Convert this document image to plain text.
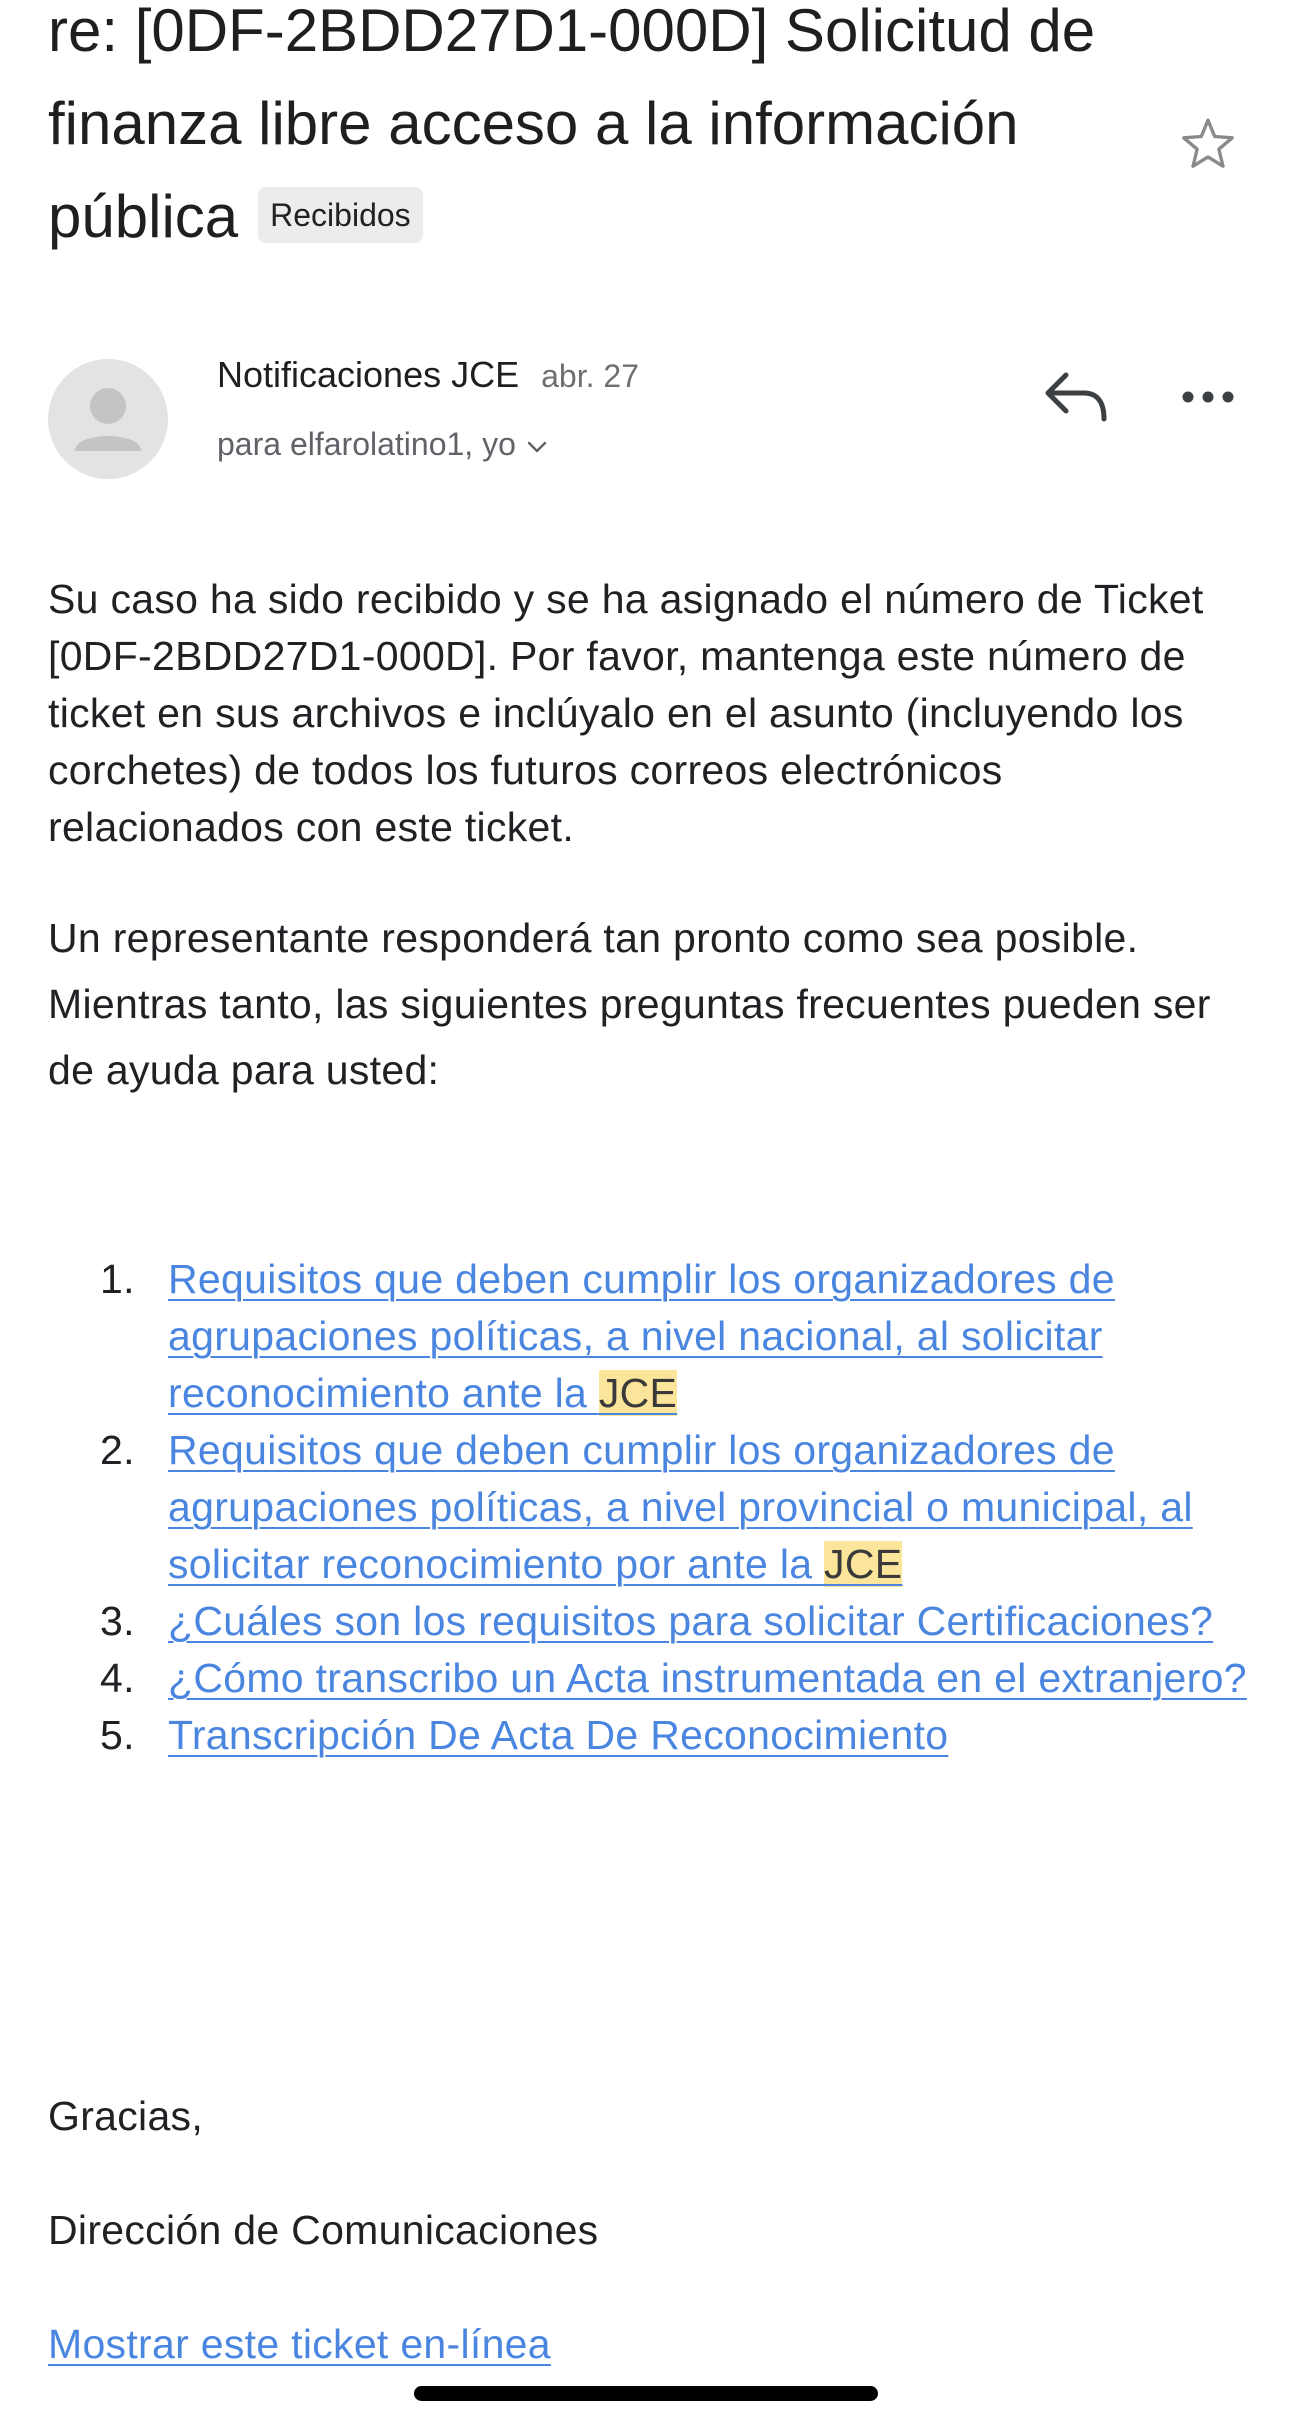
re: [0DF-2BDD27D1-000D] Solicitud de finanza libre acceso a la información pública Recibidos
Notificaciones JCE abr. 27
para elfarolatino1, yo

Su caso ha sido recibido y se ha asignado el número de Ticket [0DF-2BDD27D1-000D]. Por favor, mantenga este número de ticket en sus archivos e inclúyalo en el asunto (incluyendo los corchetes) de todos los futuros correos electrónicos relacionados con este ticket.

Un representante responderá tan pronto como sea posible. Mientras tanto, las siguientes preguntas frecuentes pueden ser de ayuda para usted:

1. Requisitos que deben cumplir los organizadores de agrupaciones políticas, a nivel nacional, al solicitar reconocimiento ante la JCE
2. Requisitos que deben cumplir los organizadores de agrupaciones políticas, a nivel provincial o municipal, al solicitar reconocimiento por ante la JCE
3. ¿Cuáles son los requisitos para solicitar Certificaciones?
4. ¿Cómo transcribo un Acta instrumentada en el extranjero?
5. Transcripción De Acta De Reconocimiento
Gracias,
Dirección de Comunicaciones
Mostrar este ticket en-línea
